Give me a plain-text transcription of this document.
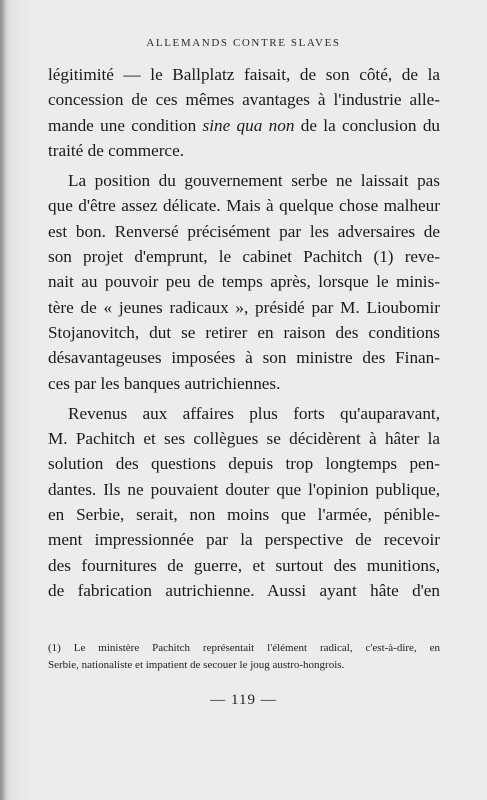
ALLEMANDS CONTRE SLAVES
légitimité — le Ballplatz faisait, de son côté, de la
concession de ces mêmes avantages à l'industrie alle-
mande une condition sine qua non de la conclusion du
traité de commerce.
La position du gouvernement serbe ne laissait pas
que d'être assez délicate. Mais à quelque chose malheur
est bon. Renversé précisément par les adversaires de
son projet d'emprunt, le cabinet Pachitch (1) reve-
nait au pouvoir peu de temps après, lorsque le minis-
tère de « jeunes radicaux », présidé par M. Lioubomir
Stojanovitch, dut se retirer en raison des conditions
désavantageuses imposées à son ministre des Finan-
ces par les banques autrichiennes.
Revenus aux affaires plus forts qu'auparavant,
M. Pachitch et ses collègues se décidèrent à hâter la
solution des questions depuis trop longtemps pen-
dantes. Ils ne pouvaient douter que l'opinion publique,
en Serbie, serait, non moins que l'armée, pénible-
ment impressionnée par la perspective de recevoir
des fournitures de guerre, et surtout des munitions,
de fabrication autrichienne. Aussi ayant hâte d'en
(1) Le ministère Pachitch représentait l'élément radical, c'est-à-dire, en
Serbie, nationaliste et impatient de secouer le joug austro-hongrois.
— 119 —
